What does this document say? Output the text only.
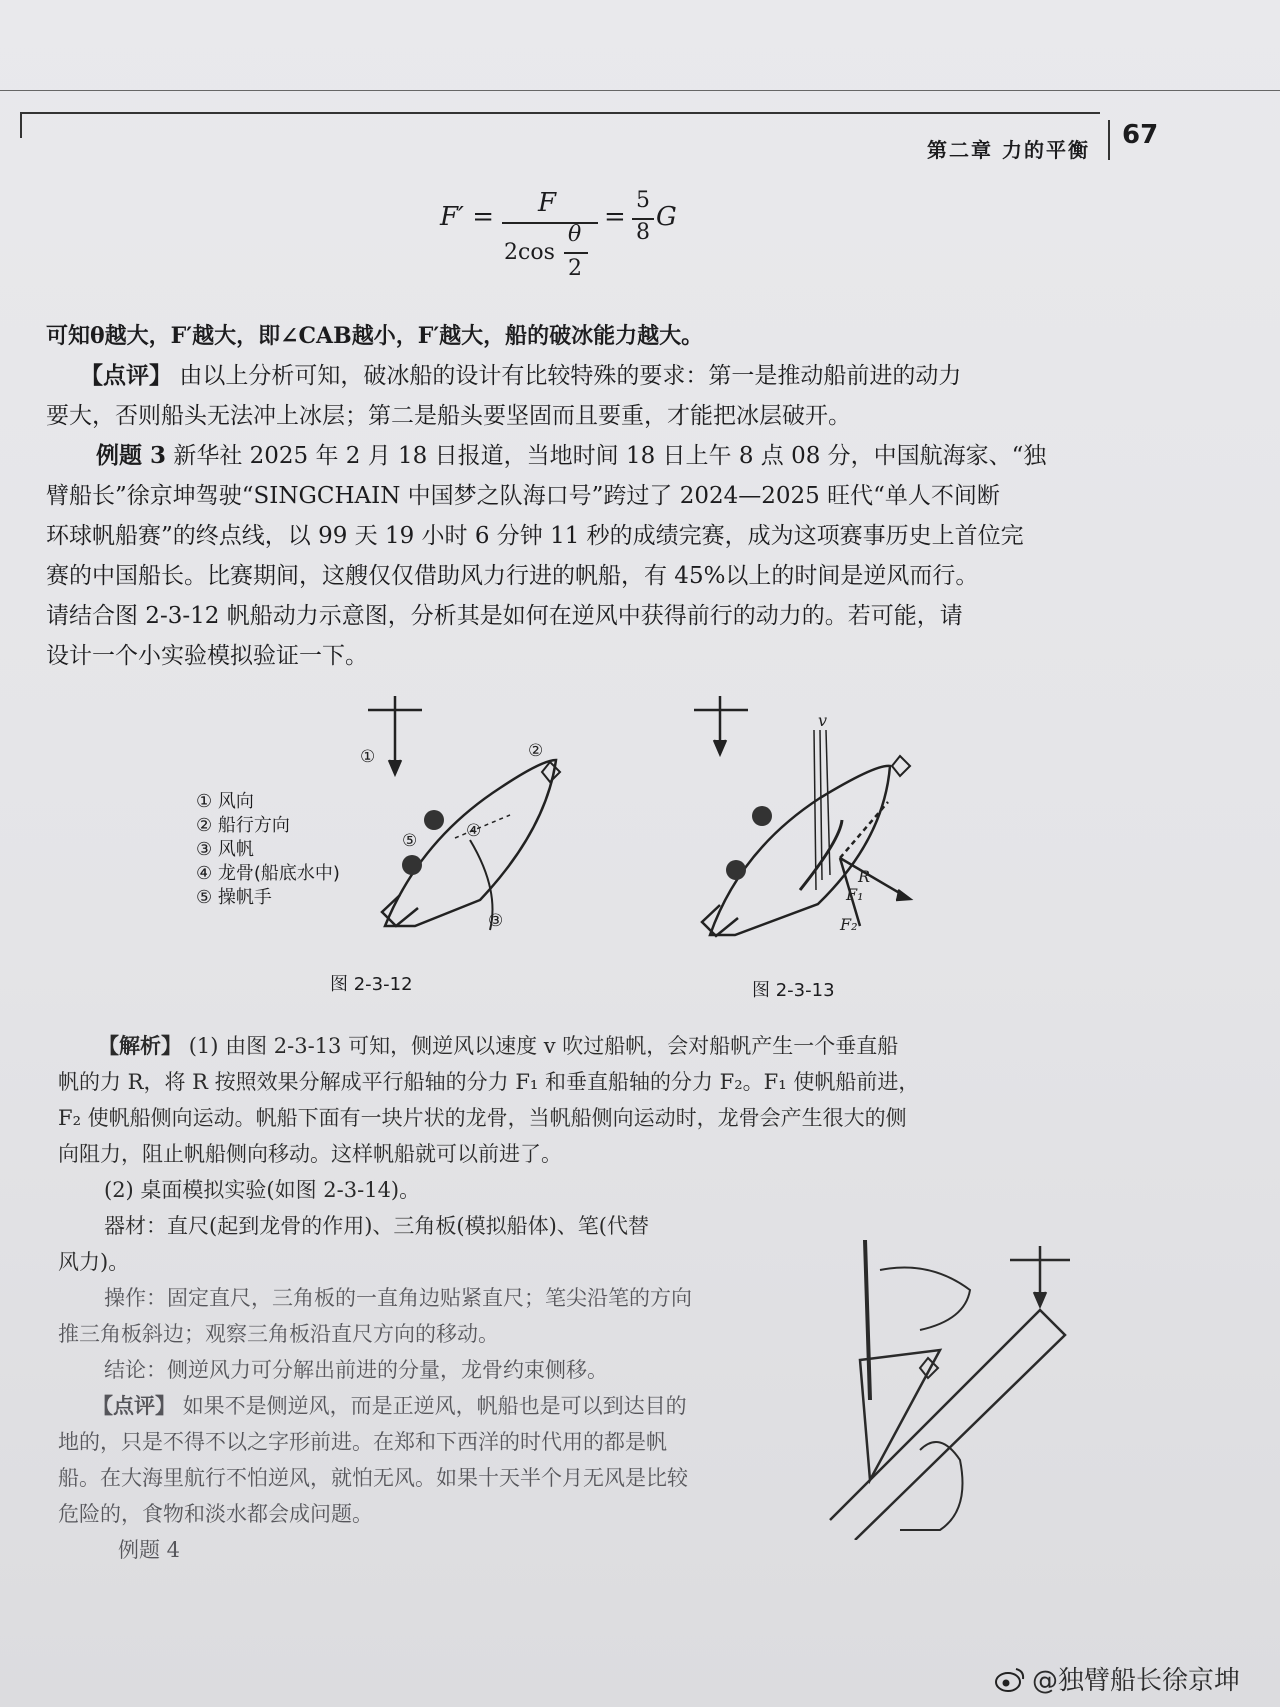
第二章 力的平衡 67
F′ = F
2cos
θ
2
=
5
8
G
可知θ越大，F′越大，即∠CAB越小，F′越大，船的破冰能力越大。
【点评】 由以上分析可知，破冰船的设计有比较特殊的要求：第一是推动船前进的动力
要大，否则船头无法冲上冰层；第二是船头要坚固而且要重，才能把冰层破开。
例题 3 新华社 2025 年 2 月 18 日报道，当地时间 18 日上午 8 点 08 分，中国航海家、“独
臂船长”徐京坤驾驶“SINGCHAIN 中国梦之队海口号”跨过了 2024—2025 旺代“单人不间断
环球帆船赛”的终点线，以 99 天 19 小时 6 分钟 11 秒的成绩完赛，成为这项赛事历史上首位完
赛的中国船长。比赛期间，这艘仅仅借助风力行进的帆船，有 45%以上的时间是逆风而行。
请结合图 2-3-12 帆船动力示意图，分析其是如何在逆风中获得前行的动力的。若可能，请
设计一个小实验模拟验证一下。
① 风向
② 船行方向
③ 风帆
④ 龙骨(船底水中)
⑤ 操帆手
①	②
③
④
⑤
图 2-3-12
v
R
F₁
F₂
图 2-3-13
【解析】 (1) 由图 2-3-13 可知，侧逆风以速度 v 吹过船帆，会对船帆产生一个垂直船
帆的力 R，将 R 按照效果分解成平行船轴的分力 F₁ 和垂直船轴的分力 F₂。F₁ 使帆船前进，
F₂ 使帆船侧向运动。帆船下面有一块片状的龙骨，当帆船侧向运动时，龙骨会产生很大的侧
向阻力，阻止帆船侧向移动。这样帆船就可以前进了。
(2) 桌面模拟实验(如图 2-3-14)。
器材：直尺(起到龙骨的作用)、三角板(模拟船体)、笔(代替
风力)。
操作：固定直尺，三角板的一直角边贴紧直尺；笔尖沿笔的方向
推三角板斜边；观察三角板沿直尺方向的移动。
结论：侧逆风力可分解出前进的分量，龙骨约束侧移。
【点评】 如果不是侧逆风，而是正逆风，帆船也是可以到达目的
地的，只是不得不以之字形前进。在郑和下西洋的时代用的都是帆
船。在大海里航行不怕逆风，就怕无风。如果十天半个月无风是比较
危险的，食物和淡水都会成问题。
例题 4
@独臂船长徐京坤
